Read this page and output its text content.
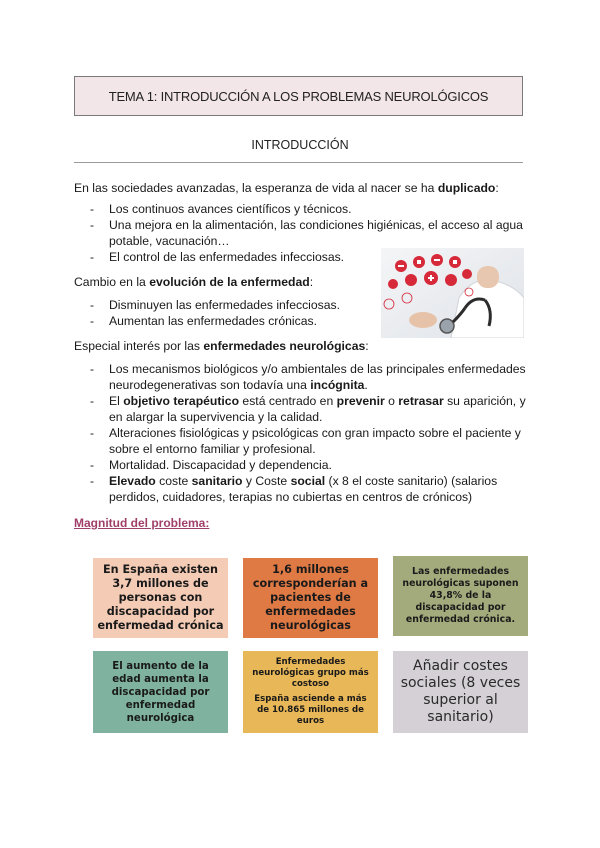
TEMA 1: INTRODUCCIÓN A LOS PROBLEMAS NEUROLÓGICOS
INTRODUCCIÓN
En las sociedades avanzadas, la esperanza de vida al nacer se ha duplicado:
- Los continuos avances científicos y técnicos.
- Una mejora en la alimentación, las condiciones higiénicas, el acceso al agua potable, vacunación…
- El control de las enfermedades infecciosas.
Cambio en la evolución de la enfermedad:
- Disminuyen las enfermedades infecciosas.
- Aumentan las enfermedades crónicas.
Especial interés por las enfermedades neurológicas:
- Los mecanismos biológicos y/o ambientales de las principales enfermedades neurodegenerativas son todavía una incógnita.
- El objetivo terapéutico está centrado en prevenir o retrasar su aparición, y en alargar la supervivencia y la calidad.
- Alteraciones fisiológicas y psicológicas con gran impacto sobre el paciente y sobre el entorno familiar y profesional.
- Mortalidad. Discapacidad y dependencia.
- Elevado coste sanitario y Coste social (x 8 el coste sanitario) (salarios perdidos, cuidadores, terapias no cubiertas en centros de crónicos)
Magnitud del problema:
En España existen 3,7 millones de personas con discapacidad por enfermedad crónica
1,6 millones corresponderían a pacientes de enfermedades neurológicas
Las enfermedades neurológicas suponen 43,8% de la discapacidad por enfermedad crónica.
El aumento de la edad aumenta la discapacidad por enfermedad neurológica
Enfermedades neurológicas grupo más costoso
España asciende a más de 10.865 millones de euros
Añadir costes sociales (8 veces superior al sanitario)
